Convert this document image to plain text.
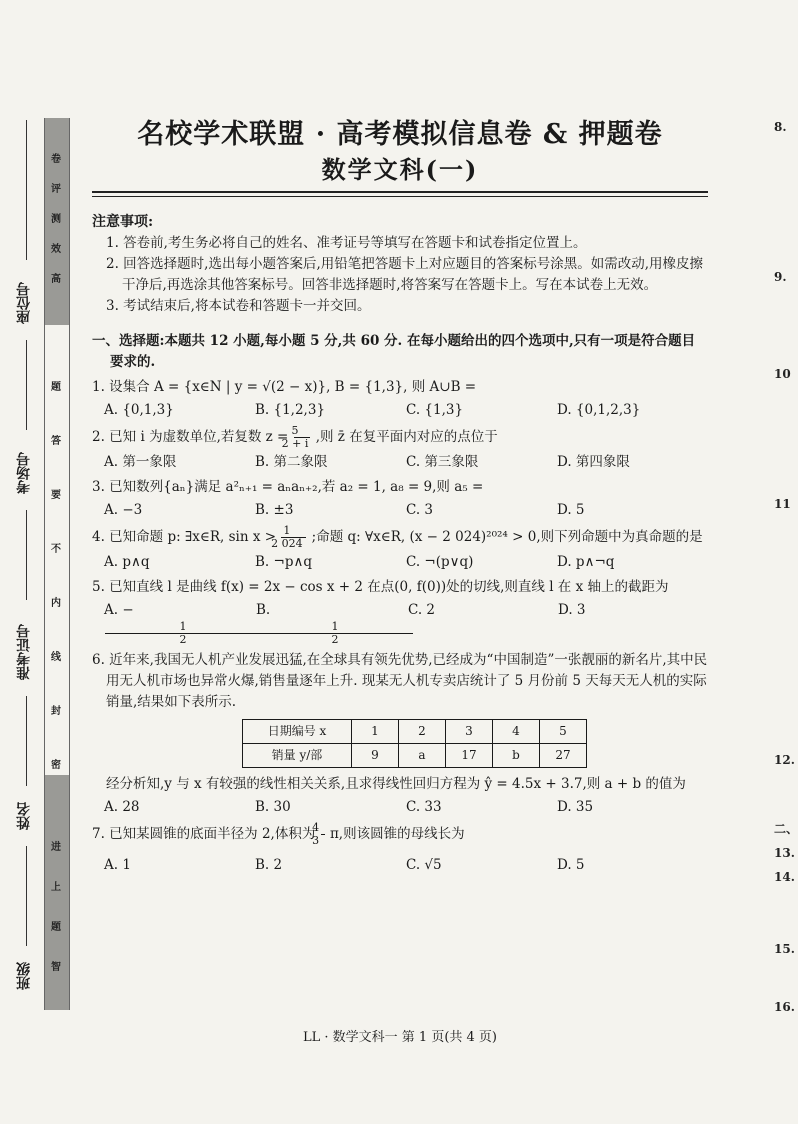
卷
评
测
效
高
题
答
要
不
内
线
封
密
进
上
题
智
座位号
考场号
准考证号
姓名
班级
名校学术联盟 · 高考模拟信息卷 & 押题卷
数学文科(一)
注意事项:

1. 答卷前,考生务必将自己的姓名、准考证号等填写在答题卡和试卷指定位置上。

2. 回答选择题时,选出每小题答案后,用铅笔把答题卡上对应题目的答案标号涂黑。如需改动,用橡皮擦干净后,再选涂其他答案标号。回答非选择题时,将答案写在答题卡上。写在本试卷上无效。

3. 考试结束后,将本试卷和答题卡一并交回。

一、选择题:本题共 12 小题,每小题 5 分,共 60 分. 在每小题给出的四个选项中,只有一项是符合题目要求的.
1. 设集合 A = {x∈N | y = √(2 − x)}, B = {1,3}, 则 A∪B =
A. {0,1,3}	B. {1,2,3}	C. {1,3}	D. {0,1,2,3}
2. 已知 i 为虚数单位,若复数 $z = \frac{5}{2 + i}$ ,则 z̄ 在复平面内对应的点位于
A. 第一象限	B. 第二象限	C. 第三象限	D. 第四象限
3. 已知数列{aₙ}满足 a²ₙ₊₁ = aₙaₙ₊₂,若 a₂ = 1, a₈ = 9,则 a₅ =
A. −3	B. ±3	C. 3	D. 5
4. 已知命题 p: ∃x∈R, $\sin x > \frac{1}{2 024}$ ;命题 q: ∀x∈R, (x − 2 024)²⁰²⁴ > 0,则下列命题中为真命题的是
A. p∧q	B. ¬p∧q	C. ¬(p∨q)	D. p∧¬q
5. 已知直线 l 是曲线 f(x) = 2x − cos x + 2 在点(0, f(0))处的切线,则直线 l 在 x 轴上的截距为
A. −
$\frac{1}{2}$
B.
$\frac{1}{2}$
C. 2	D. 3
6. 近年来,我国无人机产业发展迅猛,在全球具有领先优势,已经成为“中国制造”一张靓丽的新名片,其中民用无人机市场也异常火爆,销售量逐年上升. 现某无人机专卖店统计了 5 月份前 5 天每天无人机的实际销量,结果如下表所示.
日期编号 x	1	2	3	4	5
销量 y/部	9	a	17	b	27
经分析知,y 与 x 有较强的线性相关关系,且求得线性回归方程为 ŷ = 4.5x + 3.7,则 a + b 的值为
A. 28	B. 30	C. 33	D. 35
7. 已知某圆锥的底面半径为 2,体积为 $\frac{4}{3} \pi$,则该圆锥的母线长为
A. 1	B. 2	C. √5	D. 5
LL · 数学文科一 第 1 页(共 4 页)
8.
9.
10
11
12.
二、
13.
14.
15.
16.
